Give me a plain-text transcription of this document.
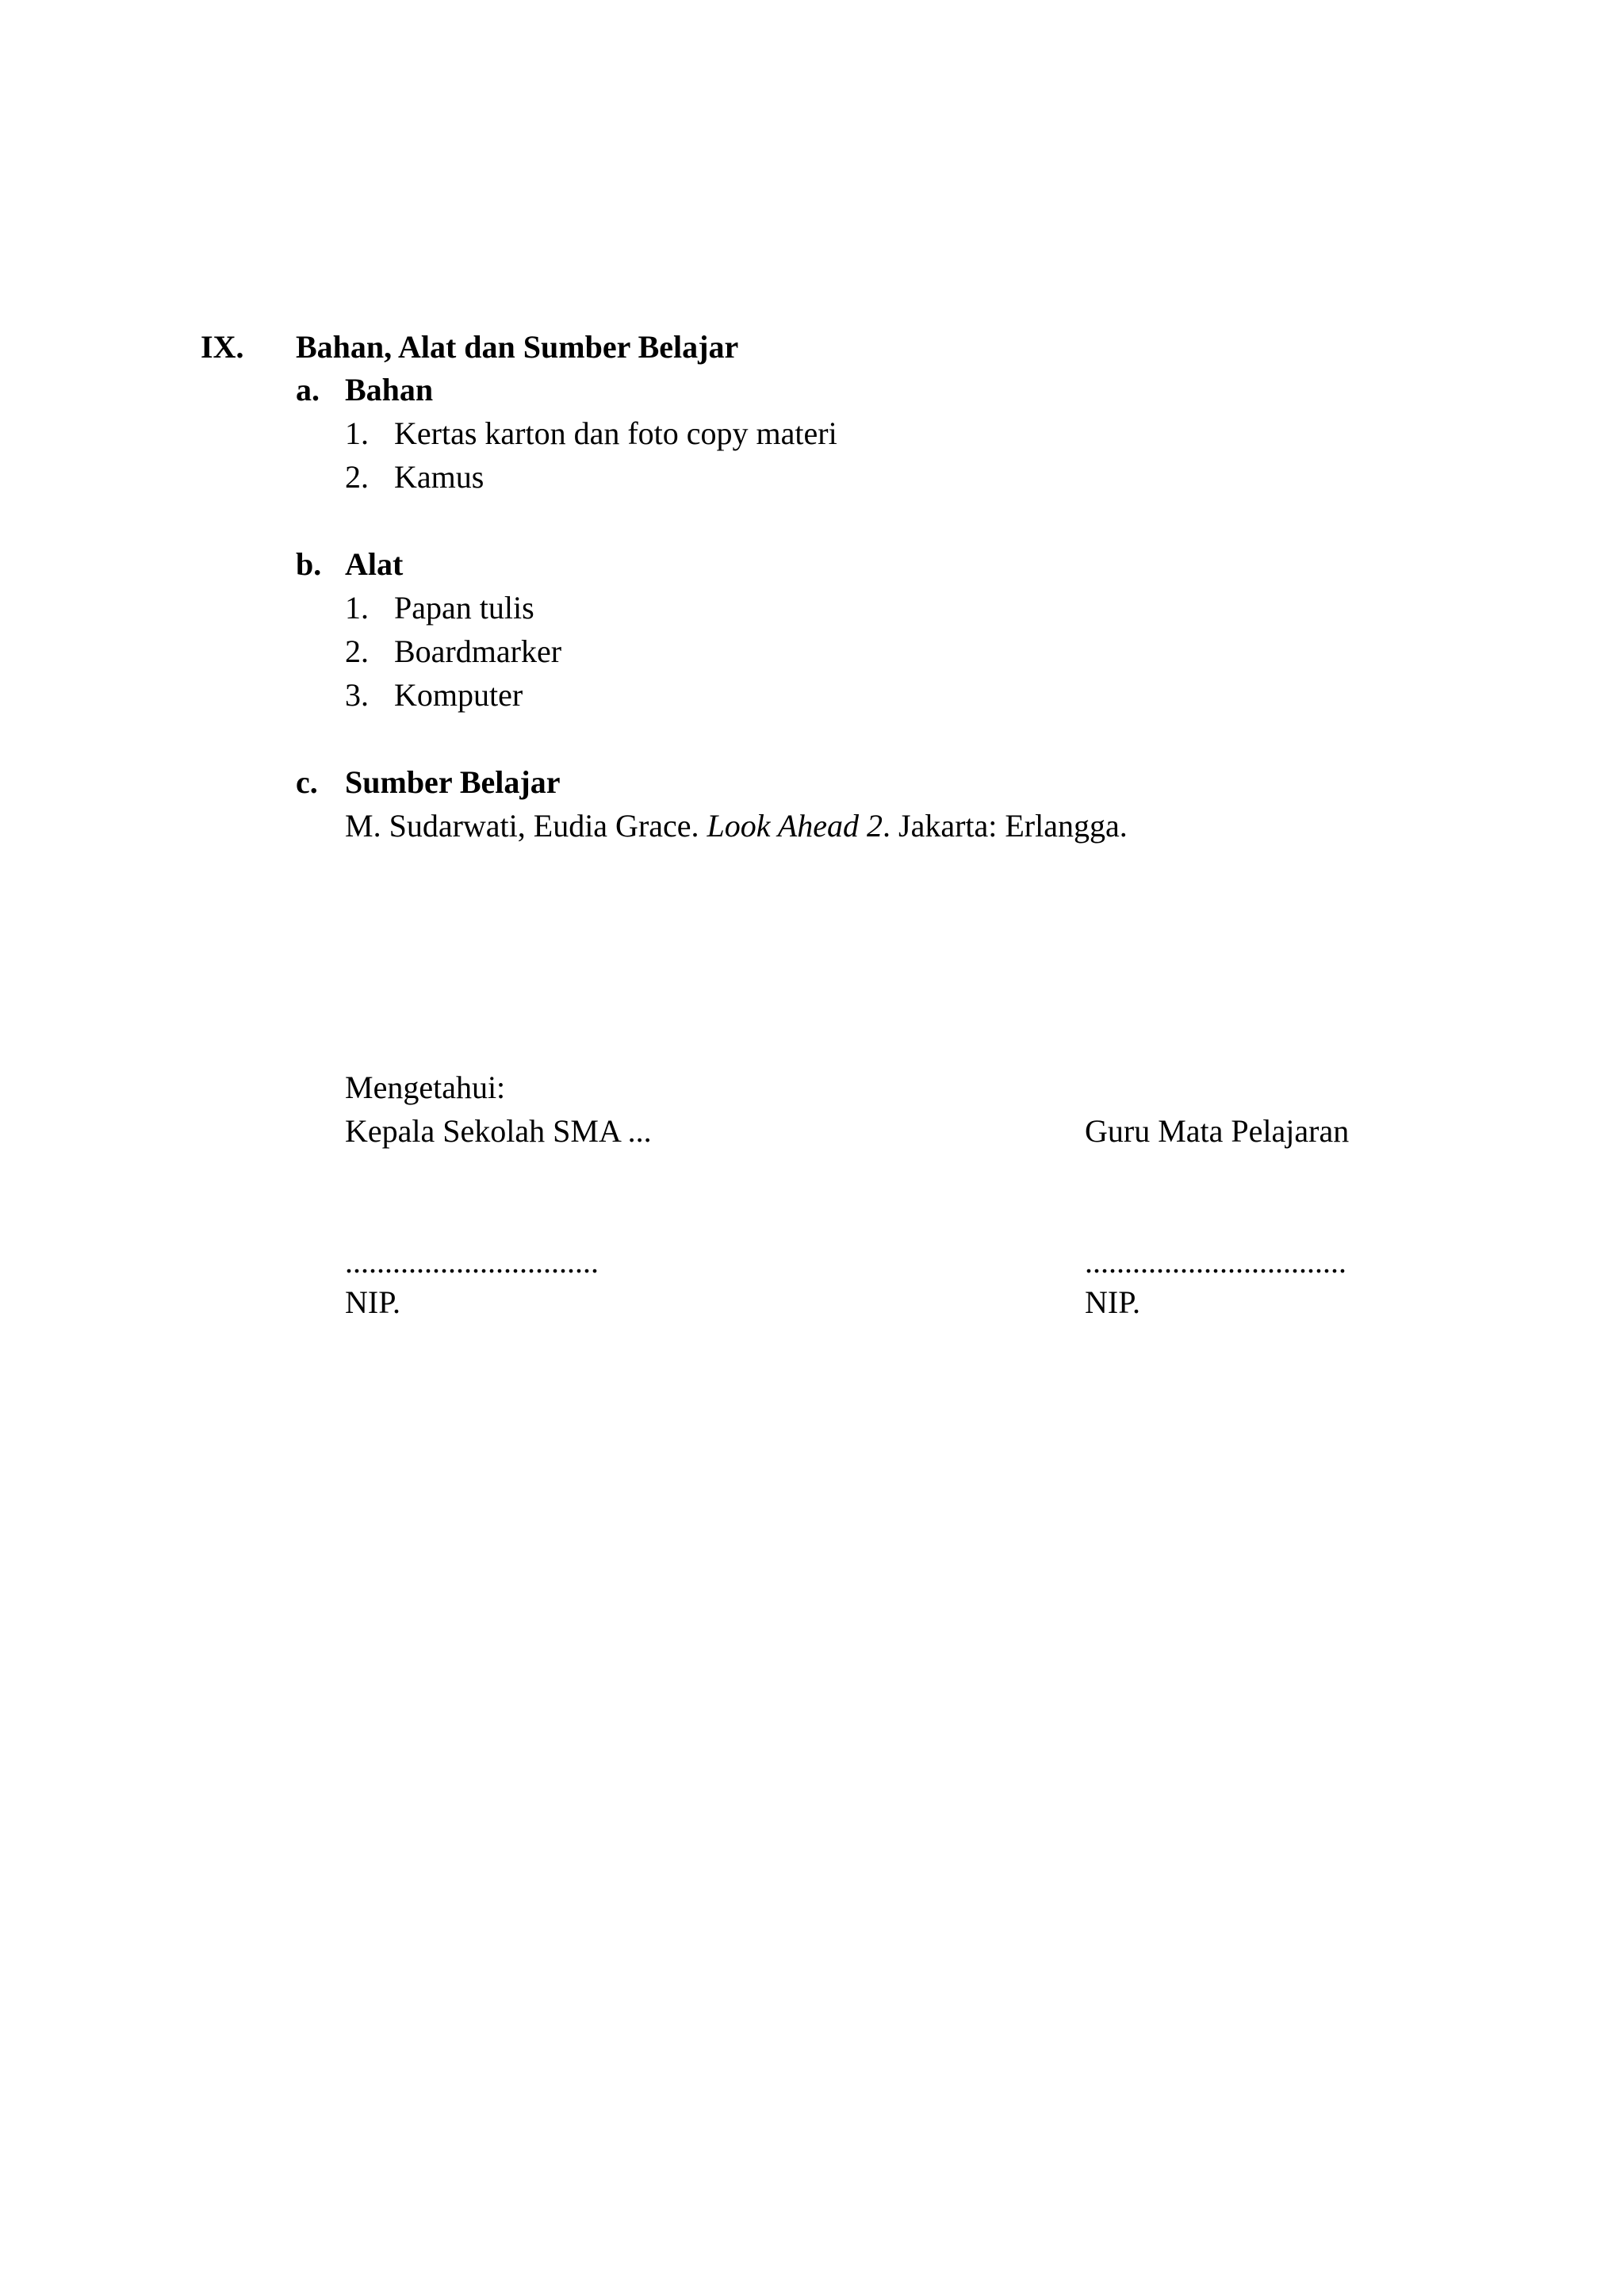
IX. Bahan, Alat dan Sumber Belajar
a. Bahan
1. Kertas karton dan foto copy materi
2. Kamus
b. Alat
1. Papan tulis
2. Boardmarker
3. Komputer
c. Sumber Belajar
M. Sudarwati, Eudia Grace. Look Ahead 2. Jakarta: Erlangga.
Mengetahui:
Kepala Sekolah SMA ...	Guru Mata Pelajaran
................................	.................................
NIP.	NIP.
